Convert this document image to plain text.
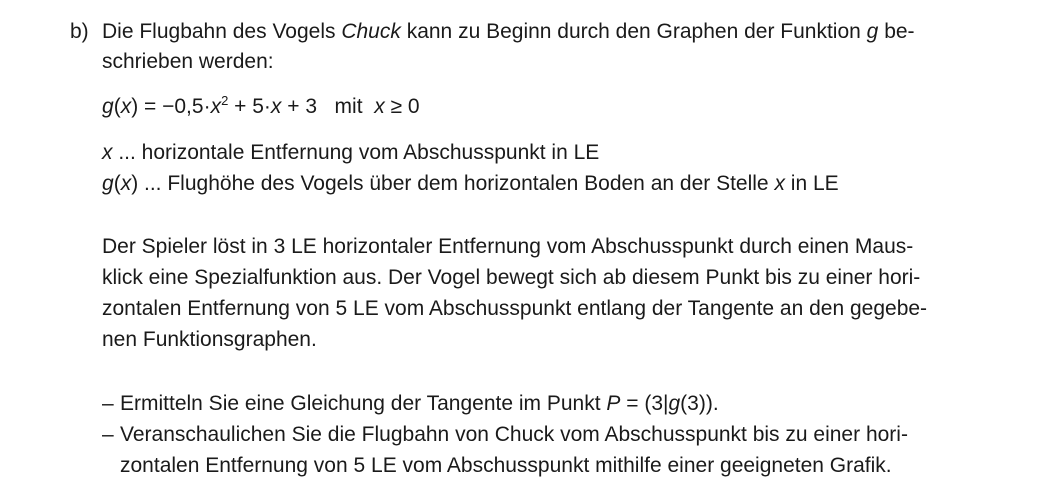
b) Die Flugbahn des Vogels Chuck kann zu Beginn durch den Graphen der Funktion g be-
schrieben werden:
$g(x) = -0,5\cdot x^2 + 5\cdot x + 3$   mit  x ≥ 0
x ... horizontale Entfernung vom Abschusspunkt in LE
g(x) ... Flughöhe des Vogels über dem horizontalen Boden an der Stelle x in LE
Der Spieler löst in 3 LE horizontaler Entfernung vom Abschusspunkt durch einen Maus-
klick eine Spezialfunktion aus. Der Vogel bewegt sich ab diesem Punkt bis zu einer hori-
zontalen Entfernung von 5 LE vom Abschusspunkt entlang der Tangente an den gegebe-
nen Funktionsgraphen.
– Ermitteln Sie eine Gleichung der Tangente im Punkt P = (3|g(3)).
– Veranschaulichen Sie die Flugbahn von Chuck vom Abschusspunkt bis zu einer hori-
zontalen Entfernung von 5 LE vom Abschusspunkt mithilfe einer geeigneten Grafik.
